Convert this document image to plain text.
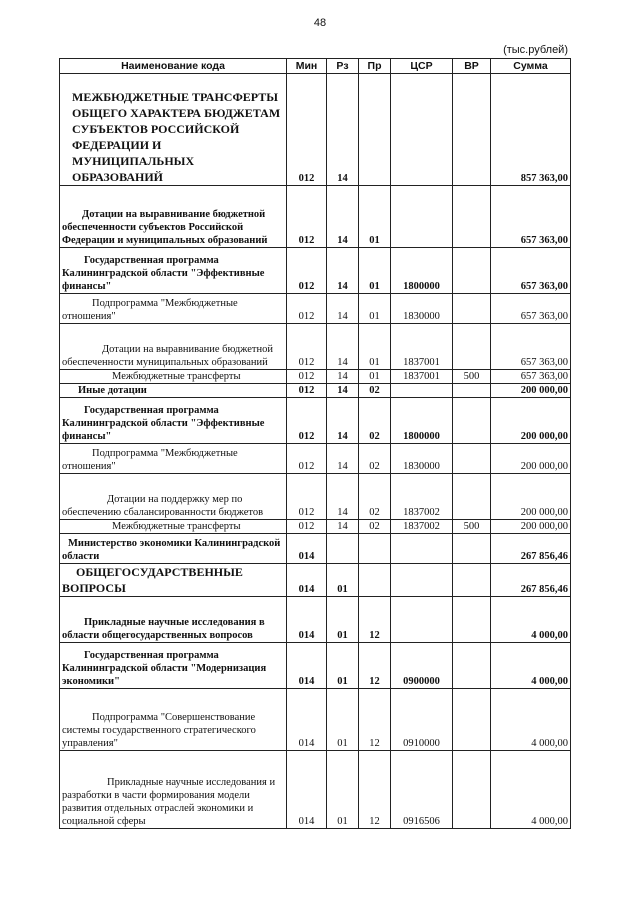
48
(тыс.рублей)
Наименование кода	Мин	Рз	Пр	ЦСР	ВР	Сумма
МЕЖБЮДЖЕТНЫЕ ТРАНСФЕРТЫ ОБЩЕГО ХАРАКТЕРА БЮДЖЕТАМ СУБЪЕКТОВ РОССИЙСКОЙ ФЕДЕРАЦИИ И МУНИЦИПАЛЬНЫХ ОБРАЗОВАНИЙ	012	14				857 363,00
Дотации на выравнивание бюджетной обеспеченности субъектов Российской Федерации и муниципальных образований	012	14	01			657 363,00
Государственная программа Калининградской области "Эффективные финансы"	012	14	01	1800000		657 363,00
Подпрограмма "Межбюджетные отношения"	012	14	01	1830000		657 363,00
Дотации на выравнивание бюджетной обеспеченности муниципальных образований	012	14	01	1837001		657 363,00
Межбюджетные трансферты	012	14	01	1837001	500	657 363,00
Иные дотации	012	14	02			200 000,00
Государственная программа Калининградской области "Эффективные финансы"	012	14	02	1800000		200 000,00
Подпрограмма "Межбюджетные отношения"	012	14	02	1830000		200 000,00
Дотации на поддержку мер по обеспечению сбалансированности бюджетов	012	14	02	1837002		200 000,00
Межбюджетные трансферты	012	14	02	1837002	500	200 000,00
Министерство экономики Калининградской области	014					267 856,46
ОБЩЕГОСУДАРСТВЕННЫЕ ВОПРОСЫ	014	01				267 856,46
Прикладные научные исследования в области общегосударственных вопросов	014	01	12			4 000,00
Государственная программа Калининградской области "Модернизация экономики"	014	01	12	0900000		4 000,00
Подпрограмма "Совершенствование системы государственного стратегического управления"	014	01	12	0910000		4 000,00
Прикладные научные исследования и разработки в части формирования модели развития отдельных отраслей экономики и социальной сферы	014	01	12	0916506		4 000,00
